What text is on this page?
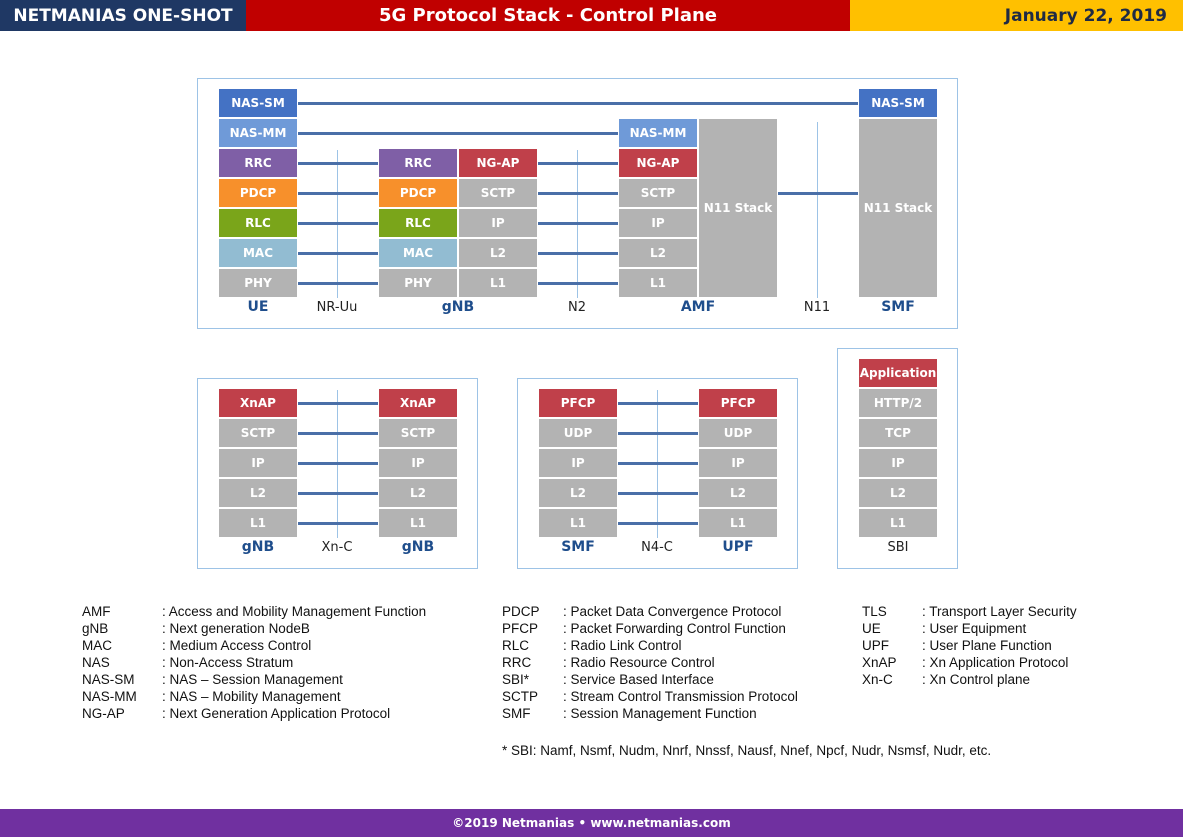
NETMANIAS ONE-SHOT	5G Protocol Stack - Control Plane	January 22, 2019
NAS-SM
NAS-MM
RRC
PDCP
RLC
MAC
PHY
RRC
PDCP
RLC
MAC
PHY
NG-AP
SCTP
IP
L2
L1
NAS-MM
NG-AP
SCTP
IP
L2
L1
N11 Stack
NAS-SM
N11 Stack
UE	NR-Uu	gNB	N2	AMF	N11	SMF
XnAP
SCTP
IP
L2
L1
XnAP
SCTP
IP
L2
L1
gNB	Xn-C	gNB
PFCP
UDP
IP
L2
L1
PFCP
UDP
IP
L2
L1
SMF	N4-C	UPF
Application
HTTP/2
TCP
IP
L2
L1
SBI
AMF	: Access and Mobility Management Function
gNB	: Next generation NodeB
MAC	: Medium Access Control
NAS	: Non-Access Stratum
NAS-SM : NAS – Session Management
NAS-MM : NAS – Mobility Management
NG-AP	: Next Generation Application Protocol
PDCP : Packet Data Convergence Protocol
PFCP : Packet Forwarding Control Function
RLC	: Radio Link Control
RRC : Radio Resource Control
SBI*	: Service Based Interface
SCTP : Stream Control Transmission Protocol
SMF : Session Management Function
TLS	: Transport Layer Security
UE	: User Equipment
UPF : User Plane Function
XnAP : Xn Application Protocol
Xn-C : Xn Control plane
* SBI: Namf, Nsmf, Nudm, Nnrf, Nnssf, Nausf, Nnef, Npcf, Nudr, Nsmsf, Nudr, etc.
©2019 Netmanias • www.netmanias.com
